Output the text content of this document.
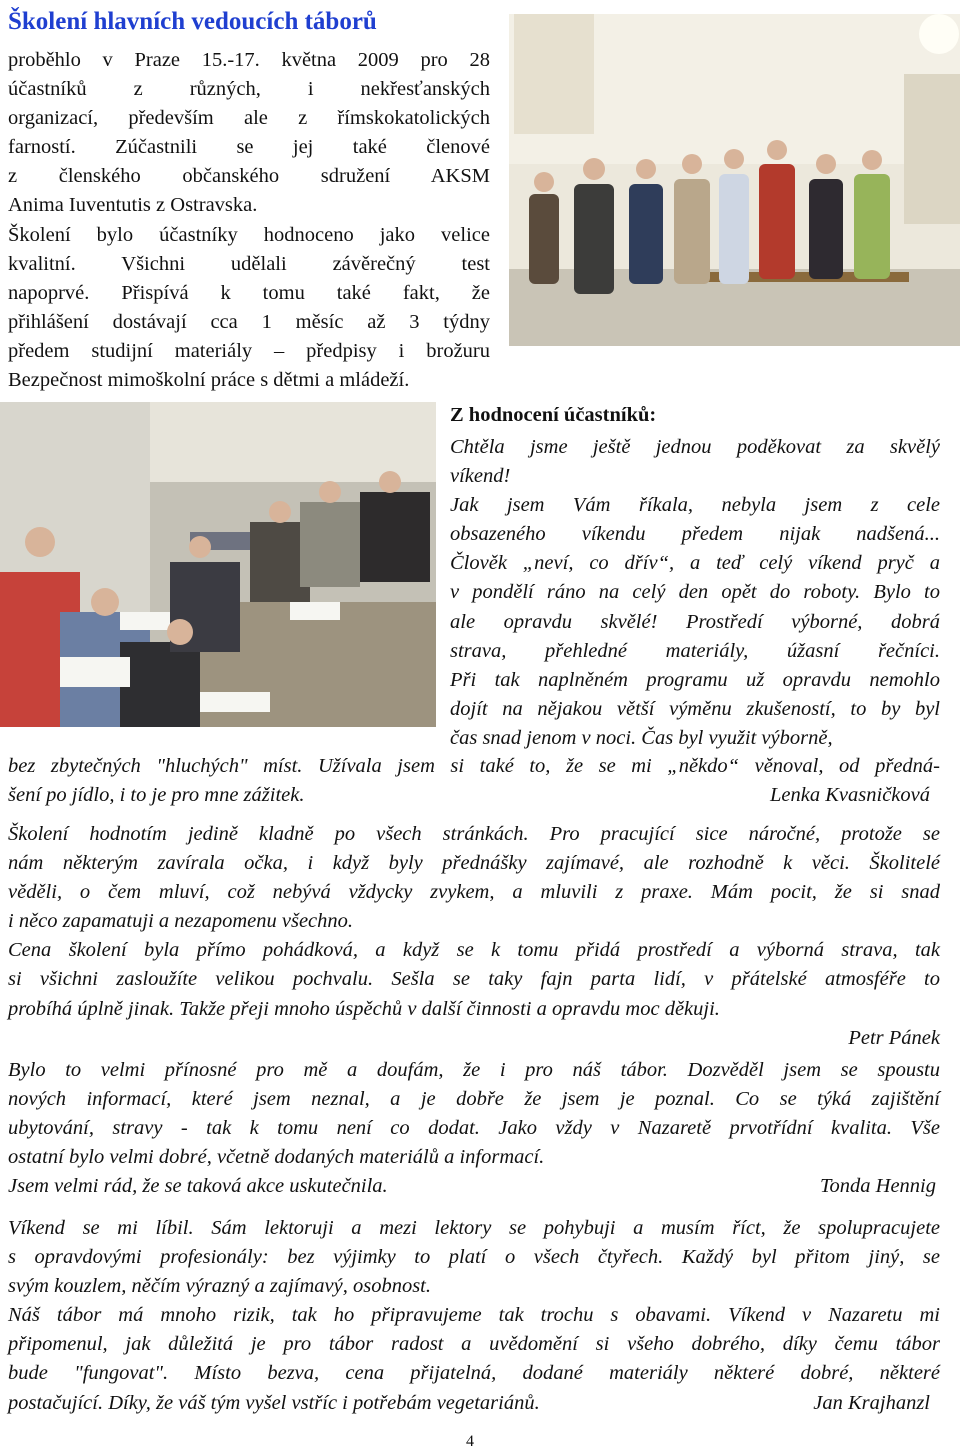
Školení hlavních vedoucích táborů
proběhlo v Praze 15.-17. května 2009 pro 28
účastníků z různých, i nekřesťanských
organizací, především ale z římskokatolických
farností. Zúčastnili se jej také členové
z členského občanského sdružení AKSM
Anima Iuventutis z Ostravska.
Školení bylo účastníky hodnoceno jako velice
kvalitní. Všichni udělali závěrečný test
napoprvé. Přispívá k tomu také fakt, že
přihlášení dostávají cca 1 měsíc až 3 týdny
předem studijní materiály – předpisy i brožuru
Bezpečnost mimoškolní práce s dětmi a mládeží.
Z hodnocení účastníků:
Chtěla jsme ještě jednou poděkovat za skvělý
víkend!
Jak jsem Vám říkala, nebyla jsem z cele
obsazeného víkendu předem nijak nadšená...
Člověk „neví, co dřív“, a teď celý víkend pryč a
v pondělí ráno na celý den opět do roboty. Bylo to
ale opravdu skvělé! Prostředí výborné, dobrá
strava, přehledné materiály, úžasní řečníci.
Při tak naplněném programu už opravdu nemohlo
dojít na nějakou větší výměnu zkušeností, to by byl
čas snad jenom v noci. Čas byl využit výborně,
bez zbytečných "hluchých" míst. Užívala jsem si také to, že se mi „někdo“ věnoval, od předná-
šení po jídlo, i to je pro mne zážitek.	Lenka Kvasničková
Školení hodnotím jedině kladně po všech stránkách. Pro pracující sice náročné, protože se
nám některým zavírala očka, i když byly přednášky zajímavé, ale rozhodně k věci. Školitelé
věděli, o čem mluví, což nebývá vždycky zvykem, a mluvili z praxe. Mám pocit, že si snad
i něco zapamatuji a nezapomenu všechno.
Cena školení byla přímo pohádková, a když se k tomu přidá prostředí a výborná strava, tak
si všichni zasloužíte velikou pochvalu. Sešla se taky fajn parta lidí, v přátelské atmosféře to
probíhá úplně jinak. Takže přeji mnoho úspěchů v další činnosti a opravdu moc děkuji.
Petr Pánek
Bylo to velmi přínosné pro mě a doufám, že i pro náš tábor. Dozvěděl jsem se spoustu
nových informací, které jsem neznal, a je dobře že jsem je poznal. Co se týká zajištění
ubytování, stravy - tak k tomu není co dodat. Jako vždy v Nazaretě prvotřídní kvalita. Vše
ostatní bylo velmi dobré, včetně dodaných materiálů a informací.
Jsem velmi rád, že se taková akce uskutečnila.	Tonda Hennig
Víkend se mi líbil. Sám lektoruji a mezi lektory se pohybuji a musím říct, že spolupracujete
s opravdovými profesionály: bez výjimky to platí o všech čtyřech. Každý byl přitom jiný, se
svým kouzlem, něčím výrazný a zajímavý, osobnost.
Náš tábor má mnoho rizik, tak ho připravujeme tak trochu s obavami. Víkend v Nazaretu mi
připomenul, jak důležitá je pro tábor radost a uvědomění si všeho dobrého, díky čemu tábor
bude "fungovat". Místo bezva, cena přijatelná, dodané materiály některé dobré, některé
postačující. Díky, že váš tým vyšel vstříc i potřebám vegetariánů.	Jan Krajhanzl
4
